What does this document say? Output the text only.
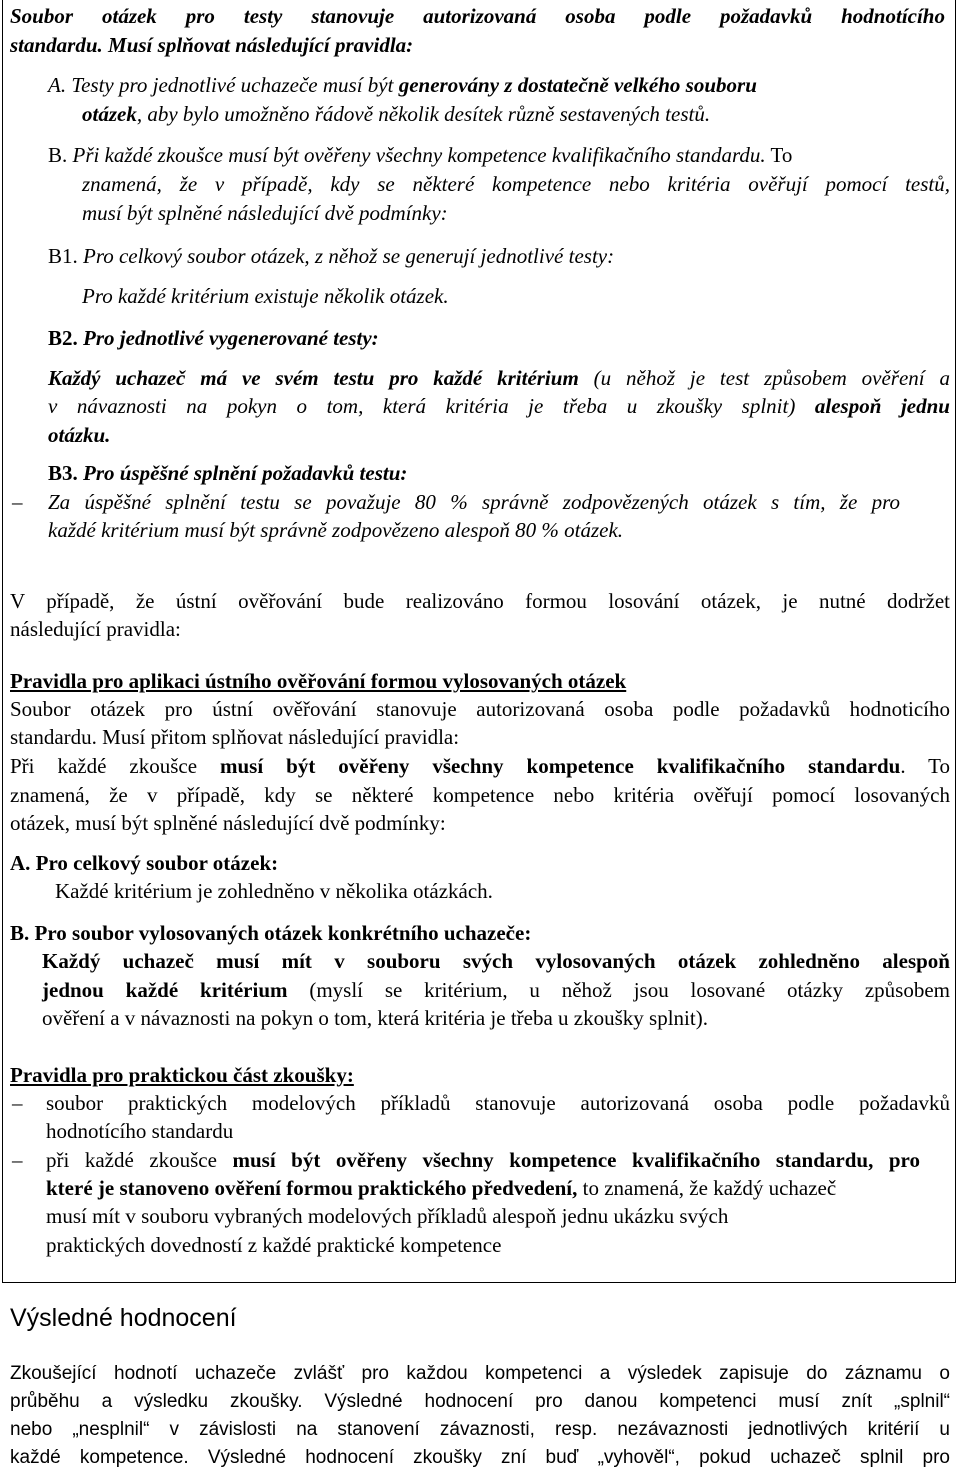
Soubor otázek pro testy stanovuje autorizovaná osoba podle požadavků hodnotícího

standardu. Musí splňovat následující pravidla:

A. Testy pro jednotlivé uchazeče musí být generovány z dostatečně velkého souboru

otázek, aby bylo umožněno řádově několik desítek různě sestavených testů.

B. Při každé zkoušce musí být ověřeny všechny kompetence kvalifikačního standardu. To

znamená, že v případě, kdy se některé kompetence nebo kritéria ověřují pomocí testů,

musí být splněné následující dvě podmínky:

B1. Pro celkový soubor otázek, z něhož se generují jednotlivé testy:

Pro každé kritérium existuje několik otázek.

B2. Pro jednotlivé vygenerované testy:

Každý uchazeč má ve svém testu pro každé kritérium (u něhož je test způsobem ověření a

v návaznosti na pokyn o tom, která kritéria je třeba u zkoušky splnit) alespoň jednu

otázku.

B3. Pro úspěšné splnění požadavků testu:

– Za úspěšné splnění testu se považuje 80 % správně zodpovězených otázek s tím, že pro

každé kritérium musí být správně zodpovězeno alespoň 80 % otázek.

V případě, že ústní ověřování bude realizováno formou losování otázek, je nutné dodržet

následující pravidla:

Pravidla pro aplikaci ústního ověřování formou vylosovaných otázek

Soubor otázek pro ústní ověřování stanovuje autorizovaná osoba podle požadavků hodnoticího

standardu. Musí přitom splňovat následující pravidla:

Při každé zkoušce musí být ověřeny všechny kompetence kvalifikačního standardu. To

znamená, že v případě, kdy se některé kompetence nebo kritéria ověřují pomocí losovaných

otázek, musí být splněné následující dvě podmínky:

A. Pro celkový soubor otázek:

Každé kritérium je zohledněno v několika otázkách.

B. Pro soubor vylosovaných otázek konkrétního uchazeče:

Každý uchazeč musí mít v souboru svých vylosovaných otázek zohledněno alespoň

jednou každé kritérium (myslí se kritérium, u něhož jsou losované otázky způsobem

ověření a v návaznosti na pokyn o tom, která kritéria je třeba u zkoušky splnit).

Pravidla pro praktickou část zkoušky:

– soubor praktických modelových příkladů stanovuje autorizovaná osoba podle požadavků

hodnotícího standardu

– při každé zkoušce musí být ověřeny všechny kompetence kvalifikačního standardu, pro

které je stanoveno ověření formou praktického předvedení, to znamená, že každý uchazeč

musí mít v souboru vybraných modelových příkladů alespoň jednu ukázku svých

praktických dovedností z každé praktické kompetence

Výsledné hodnocení

Zkoušející hodnotí uchazeče zvlášť pro každou kompetenci a výsledek zapisuje do záznamu o

průběhu a výsledku zkoušky. Výsledné hodnocení pro danou kompetenci musí znít „splnil“

nebo „nesplnil“ v závislosti na stanovení závaznosti, resp. nezávaznosti jednotlivých kritérií u

každé kompetence. Výsledné hodnocení zkoušky zní buď „vyhověl“, pokud uchazeč splnil pro
